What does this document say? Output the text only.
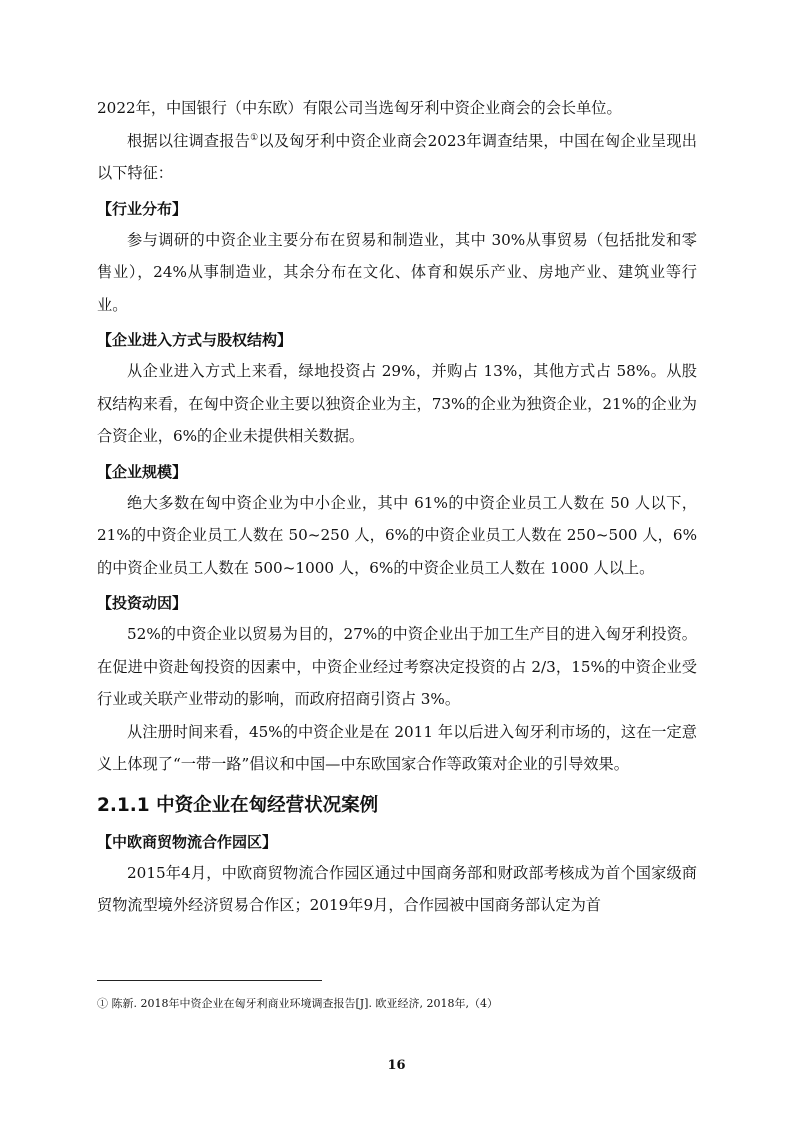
2022年，中国银行（中东欧）有限公司当选匈牙利中资企业商会的会长单位。

根据以往调查报告①以及匈牙利中资企业商会2023年调查结果，中国在匈企业呈现出以下特征：

【行业分布】

参与调研的中资企业主要分布在贸易和制造业，其中 30%从事贸易（包括批发和零售业），24%从事制造业，其余分布在文化、体育和娱乐产业、房地产业、建筑业等行业。

【企业进入方式与股权结构】

从企业进入方式上来看，绿地投资占 29%，并购占 13%，其他方式占 58%。从股权结构来看，在匈中资企业主要以独资企业为主，73%的企业为独资企业，21%的企业为合资企业，6%的企业未提供相关数据。

【企业规模】

绝大多数在匈中资企业为中小企业，其中 61%的中资企业员工人数在 50 人以下，21%的中资企业员工人数在 50~250 人，6%的中资企业员工人数在 250~500 人，6%的中资企业员工人数在 500~1000 人，6%的中资企业员工人数在 1000 人以上。

【投资动因】

52%的中资企业以贸易为目的，27%的中资企业出于加工生产目的进入匈牙利投资。在促进中资赴匈投资的因素中，中资企业经过考察决定投资的占 2/3，15%的中资企业受行业或关联产业带动的影响，而政府招商引资占 3%。

从注册时间来看，45%的中资企业是在 2011 年以后进入匈牙利市场的，这在一定意义上体现了“一带一路”倡议和中国—中东欧国家合作等政策对企业的引导效果。

2.1.1 中资企业在匈经营状况案例

【中欧商贸物流合作园区】

2015年4月，中欧商贸物流合作园区通过中国商务部和财政部考核成为首个国家级商贸物流型境外经济贸易合作区；2019年9月，合作园被中国商务部认定为首

① 陈新. 2018年中资企业在匈牙利商业环境调查报告[J]. 欧亚经济, 2018年,（4）
16
